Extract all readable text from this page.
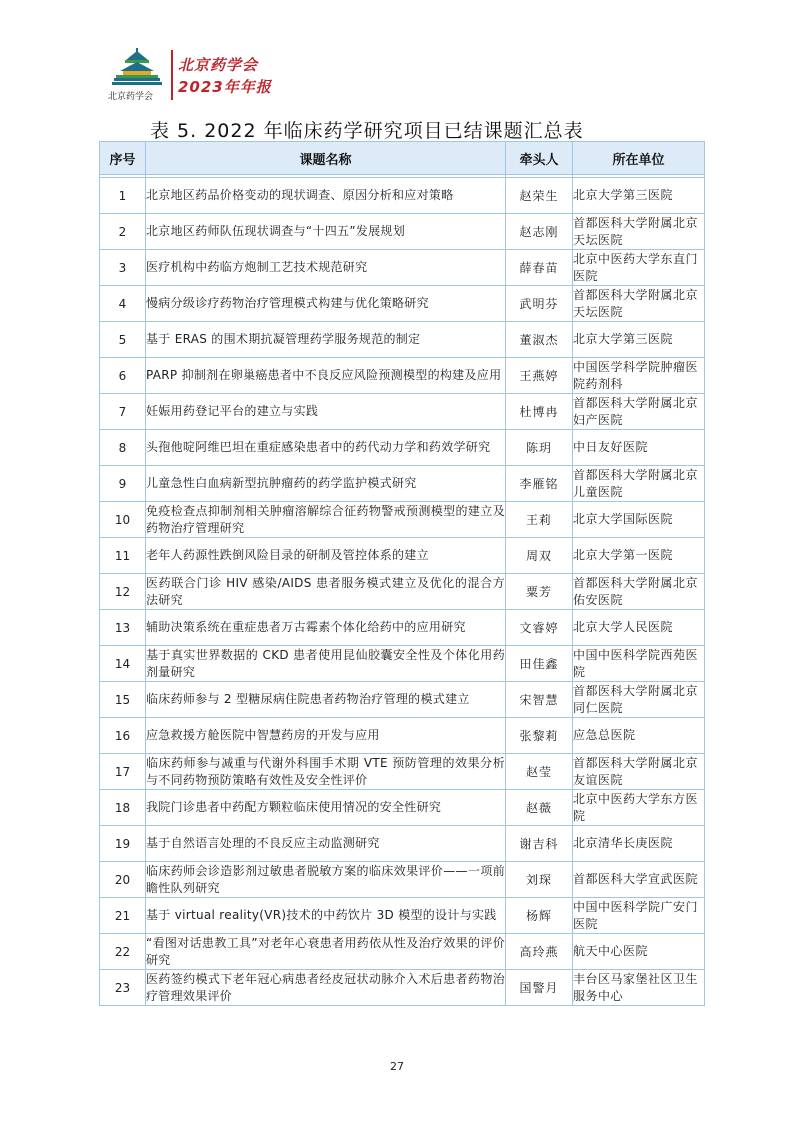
北京药学会
北京药学会
2023年年报
表 5. 2022 年临床药学研究项目已结课题汇总表
序号	课题名称	牵头人	所在单位

1	北京地区药品价格变动的现状调查、原因分析和应对策略	赵荣生	北京大学第三医院
2	北京地区药师队伍现状调查与“十四五”发展规划	赵志刚	首都医科大学附属北京天坛医院
3	医疗机构中药临方炮制工艺技术规范研究	薛春苗	北京中医药大学东直门医院
4	慢病分级诊疗药物治疗管理模式构建与优化策略研究	武明芬	首都医科大学附属北京天坛医院
5	基于 ERAS 的围术期抗凝管理药学服务规范的制定	董淑杰	北京大学第三医院
6	PARP 抑制剂在卵巢癌患者中不良反应风险预测模型的构建及应用	王燕婷	中国医学科学院肿瘤医院药剂科
7	妊娠用药登记平台的建立与实践	杜博冉	首都医科大学附属北京妇产医院
8	头孢他啶阿维巴坦在重症感染患者中的药代动力学和药效学研究	陈玥	中日友好医院
9	儿童急性白血病新型抗肿瘤药的药学监护模式研究	李雁铭	首都医科大学附属北京儿童医院
10	免疫检查点抑制剂相关肿瘤溶解综合征药物警戒预测模型的建立及药物治疗管理研究	王莉	北京大学国际医院
11	老年人药源性跌倒风险目录的研制及管控体系的建立	周双	北京大学第一医院
12	医药联合门诊 HIV 感染/AIDS 患者服务模式建立及优化的混合方法研究	粟芳	首都医科大学附属北京佑安医院
13	辅助决策系统在重症患者万古霉素个体化给药中的应用研究	文睿婷	北京大学人民医院
14	基于真实世界数据的 CKD 患者使用昆仙胶囊安全性及个体化用药剂量研究	田佳鑫	中国中医科学院西苑医院
15	临床药师参与 2 型糖尿病住院患者药物治疗管理的模式建立	宋智慧	首都医科大学附属北京同仁医院
16	应急救援方舱医院中智慧药房的开发与应用	张黎莉	应急总医院
17	临床药师参与减重与代谢外科围手术期 VTE 预防管理的效果分析与不同药物预防策略有效性及安全性评价	赵莹	首都医科大学附属北京友谊医院
18	我院门诊患者中药配方颗粒临床使用情况的安全性研究	赵薇	北京中医药大学东方医院
19	基于自然语言处理的不良反应主动监测研究	谢吉科	北京清华长庚医院
20	临床药师会诊造影剂过敏患者脱敏方案的临床效果评价——一项前瞻性队列研究	刘琛	首都医科大学宣武医院
21	基于 virtual reality(VR)技术的中药饮片 3D 模型的设计与实践	杨辉	中国中医科学院广安门医院
22	“看图对话患教工具”对老年心衰患者用药依从性及治疗效果的评价研究	高玲燕	航天中心医院
23	医药签约模式下老年冠心病患者经皮冠状动脉介入术后患者药物治疗管理效果评价	国警月	丰台区马家堡社区卫生服务中心
27
